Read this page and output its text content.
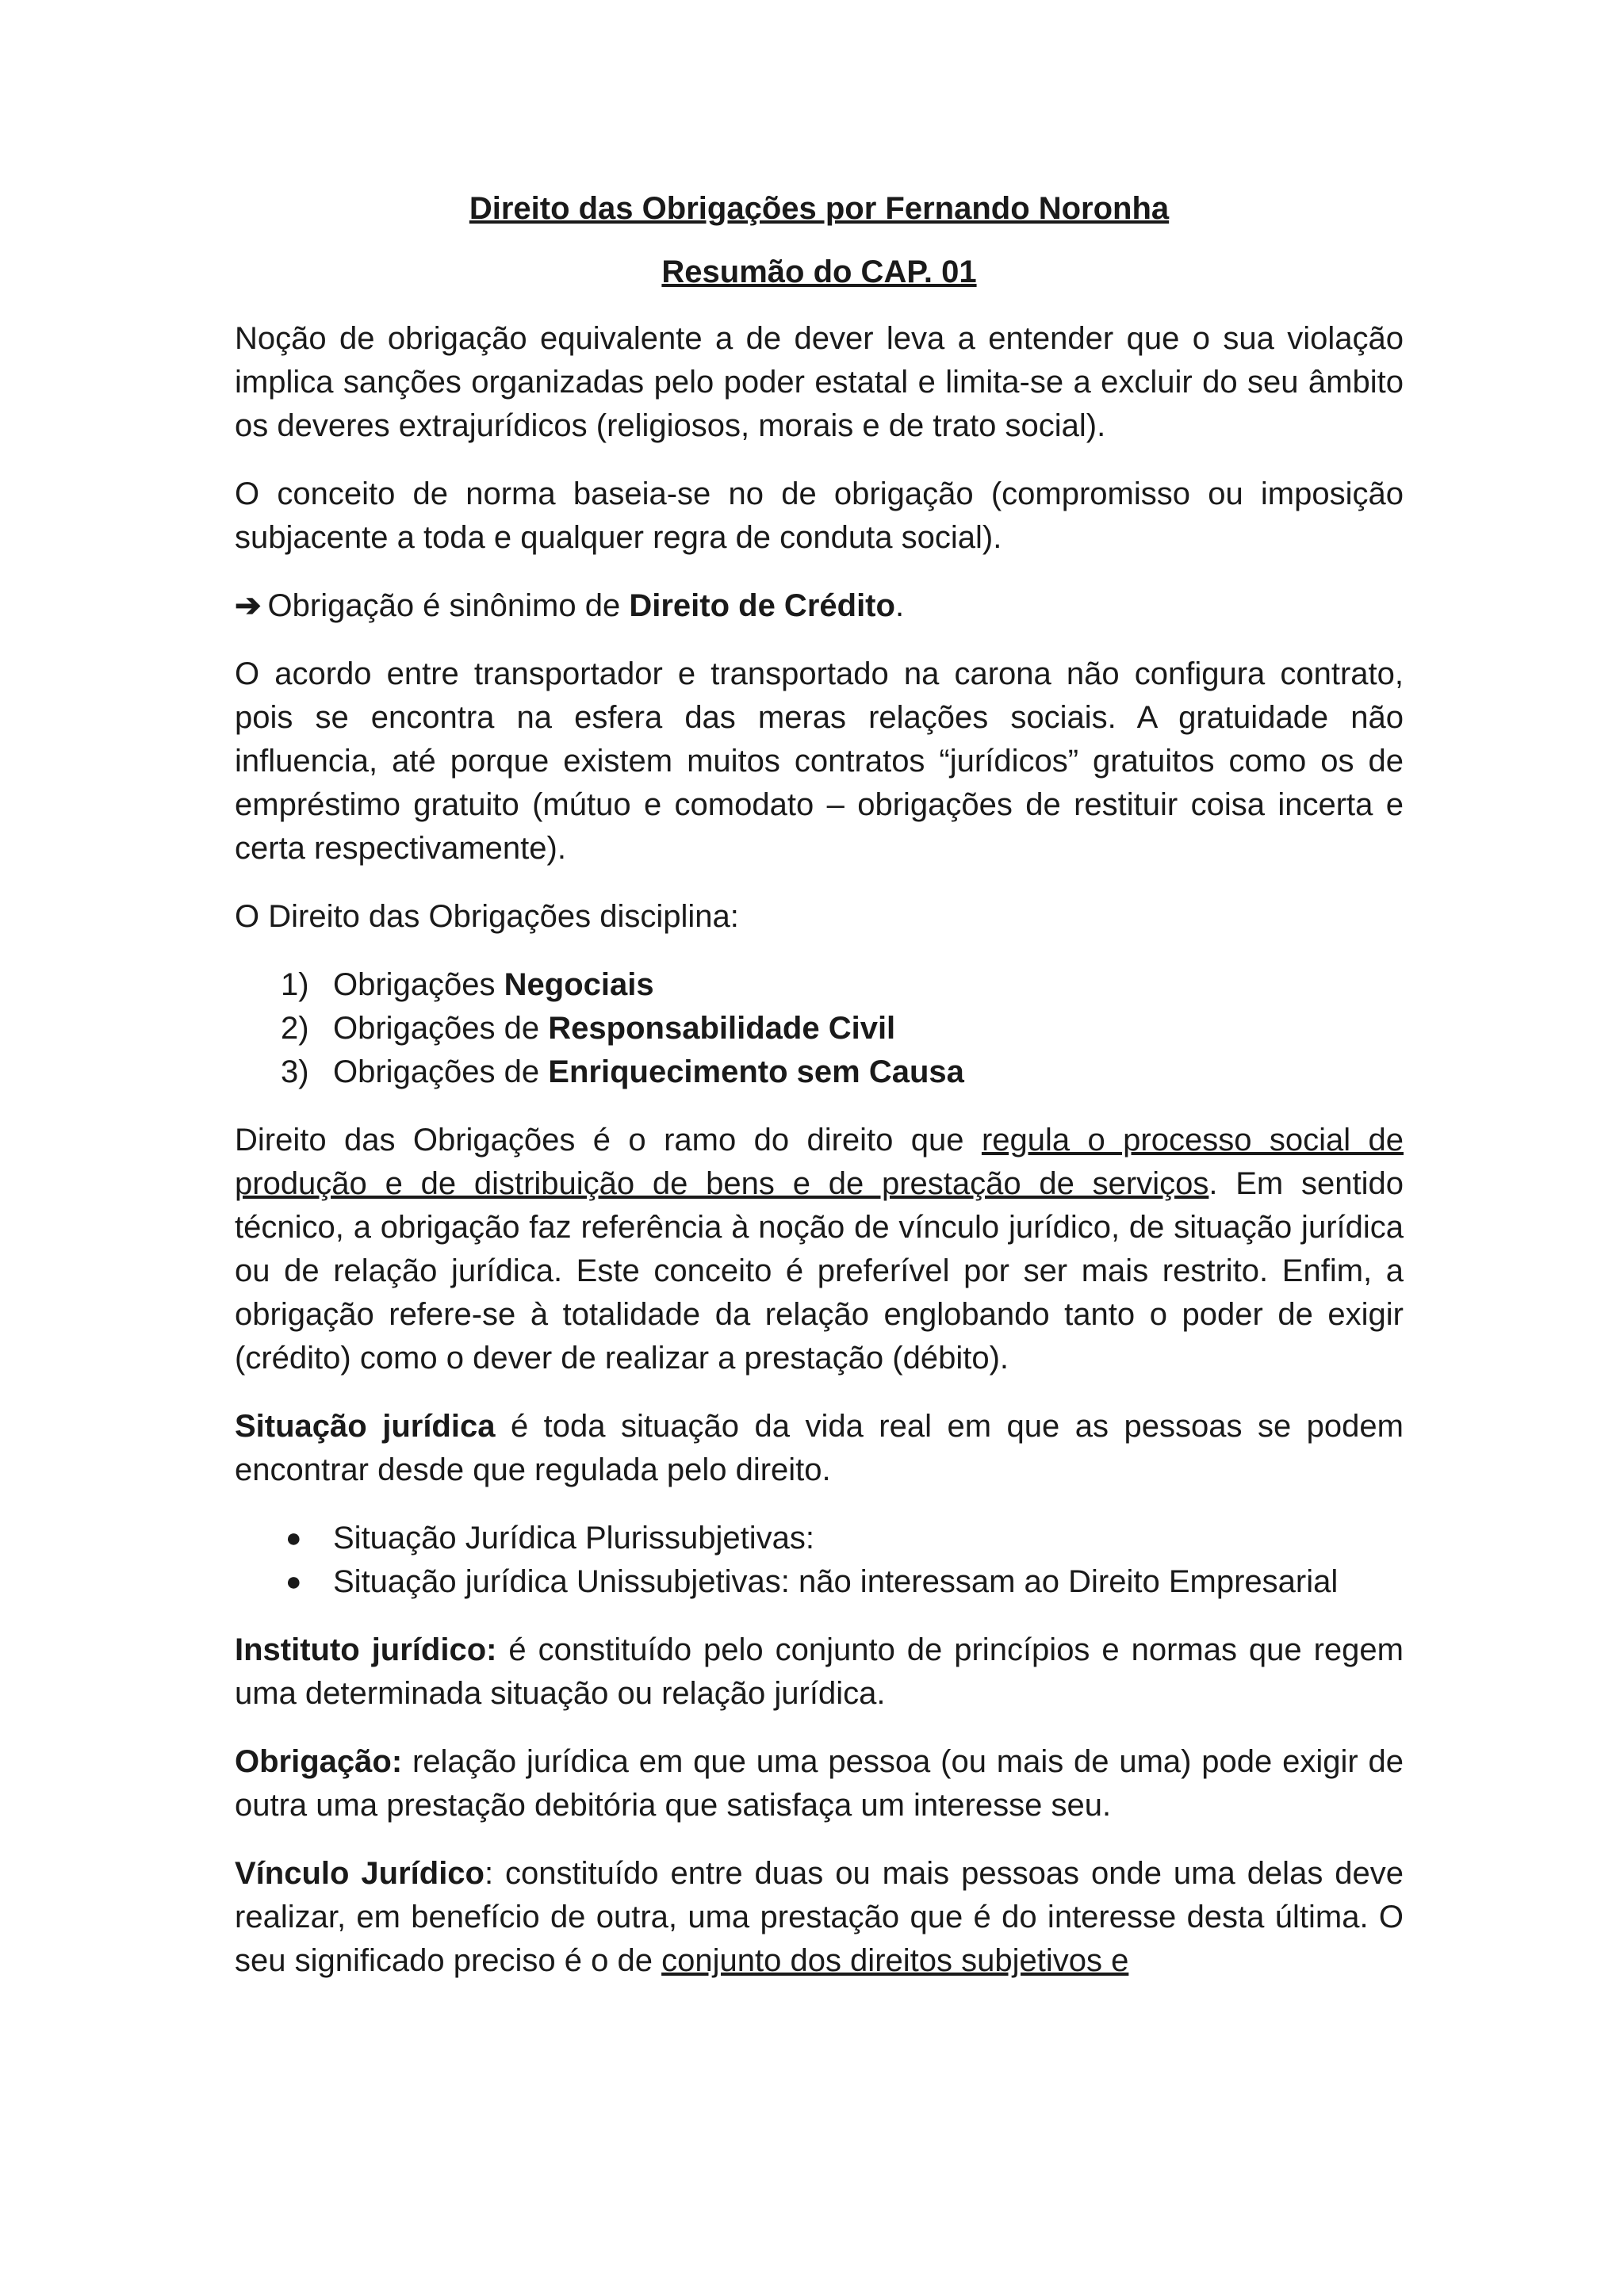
Direito das Obrigações por Fernando Noronha
Resumão do CAP. 01

Noção de obrigação equivalente a de dever leva a entender que o sua violação implica sanções organizadas pelo poder estatal e limita-se a excluir do seu âmbito os deveres extrajurídicos (religiosos, morais e de trato social).

O conceito de norma baseia-se no de obrigação (compromisso ou imposição subjacente a toda e qualquer regra de conduta social).

➔ Obrigação é sinônimo de Direito de Crédito.

O acordo entre transportador e transportado na carona não configura contrato, pois se encontra na esfera das meras relações sociais. A gratuidade não influencia, até porque existem muitos contratos “jurídicos” gratuitos como os de empréstimo gratuito (mútuo e comodato – obrigações de restituir coisa incerta e certa respectivamente).

O Direito das Obrigações disciplina:

1) Obrigações Negociais
2) Obrigações de Responsabilidade Civil
3) Obrigações de Enriquecimento sem Causa

Direito das Obrigações é o ramo do direito que regula o processo social de produção e de distribuição de bens e de prestação de serviços. Em sentido técnico, a obrigação faz referência à noção de vínculo jurídico, de situação jurídica ou de relação jurídica. Este conceito é preferível por ser mais restrito. Enfim, a obrigação refere-se à totalidade da relação englobando tanto o poder de exigir (crédito) como o dever de realizar a prestação (débito).

Situação jurídica é toda situação da vida real em que as pessoas se podem encontrar desde que regulada pelo direito.

● Situação Jurídica Plurissubjetivas:
● Situação jurídica Unissubjetivas: não interessam ao Direito Empresarial

Instituto jurídico: é constituído pelo conjunto de princípios e normas que regem uma determinada situação ou relação jurídica.

Obrigação: relação jurídica em que uma pessoa (ou mais de uma) pode exigir de outra uma prestação debitória que satisfaça um interesse seu.

Vínculo Jurídico: constituído entre duas ou mais pessoas onde uma delas deve realizar, em benefício de outra, uma prestação que é do interesse desta última. O seu significado preciso é o de conjunto dos direitos subjetivos e
